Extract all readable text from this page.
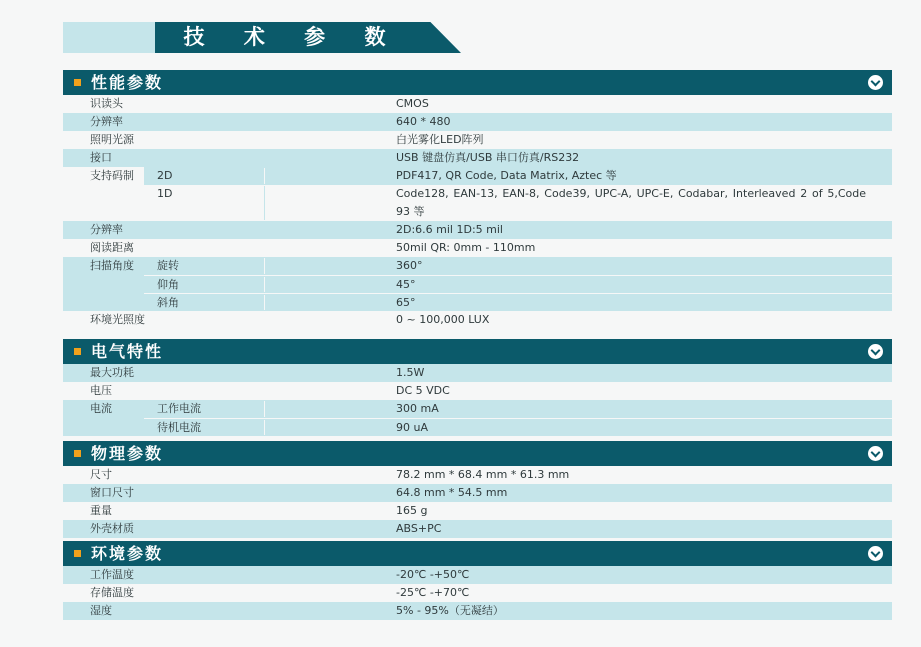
技 术 参 数
性能参数
识读头	CMOS
分辨率	640 * 480
照明光源	白光雾化LED阵列
接口	USB 键盘仿真/USB 串口仿真/RS232
支持码制 2D	PDF417, QR Code, Data Matrix, Aztec 等
1D	Code128, EAN-13, EAN-8, Code39, UPC-A, UPC-E, Codabar, Interleaved 2 of 5,Code 93 等
分辨率	2D:6.6 mil 1D:5 mil
阅读距离	50mil QR: 0mm - 110mm
扫描角度 旋转	360°
仰角	45°
斜角	65°
环境光照度	0 ~ 100,000 LUX
电气特性
最大功耗	1.5W
电压	DC 5 VDC
电流	工作电流	300 mA
待机电流	90 uA
物理参数
尺寸	78.2 mm * 68.4 mm * 61.3 mm
窗口尺寸	64.8 mm * 54.5 mm
重量	165 g
外壳材质	ABS+PC
环境参数
工作温度	-20℃ -+50℃
存储温度	-25℃ -+70℃
湿度	5% - 95%（无凝结）
